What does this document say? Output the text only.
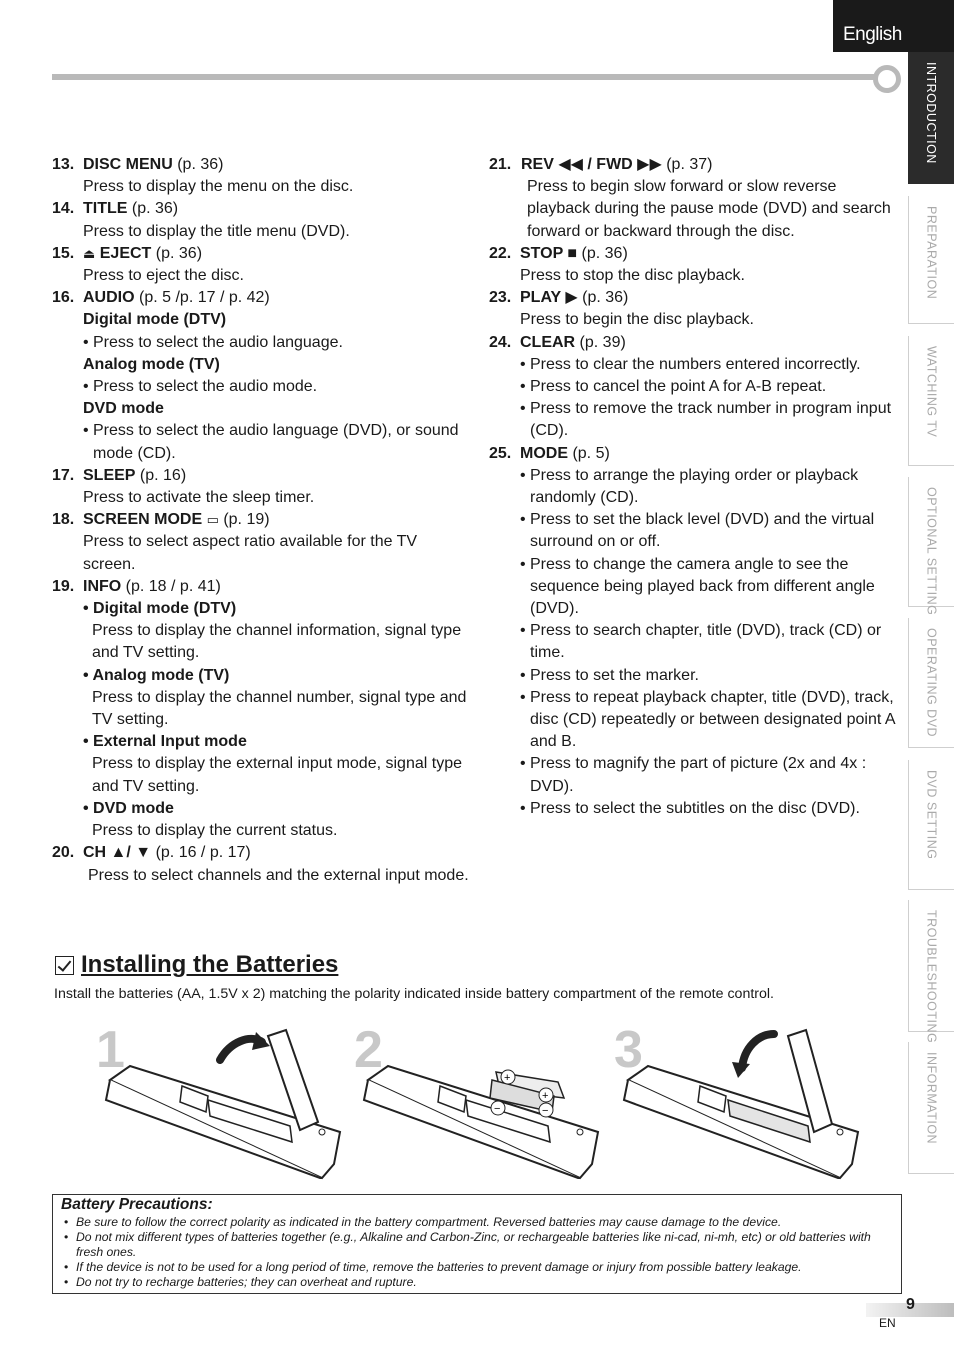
English
INTRODUCTION
PREPARATION
WATCHING TV
OPTIONAL SETTING
OPERATING DVD
DVD SETTING
TROUBLESHOOTING
INFORMATION
13. DISC MENU (p. 36)
Press to display the menu on the disc.
14. TITLE (p. 36)
Press to display the title menu (DVD).
15. ⏏ EJECT (p. 36)
Press to eject the disc.
16. AUDIO (p. 5 /p. 17 / p. 42)
Digital mode (DTV)
• Press to select the audio language.
Analog mode (TV)
• Press to select the audio mode.
DVD mode
• Press to select the audio language (DVD), or sound mode (CD).
17. SLEEP (p. 16)
Press to activate the sleep timer.
18. SCREEN MODE ▭ (p. 19)
Press to select aspect ratio available for the TV screen.
19. INFO (p. 18 / p. 41)
• Digital mode (DTV)
Press to display the channel information, signal type and TV setting.
• Analog mode (TV)
Press to display the channel number, signal type and TV setting.
• External Input mode
Press to display the external input mode, signal type and TV setting.
• DVD mode
Press to display the current status.
20. CH ▲/ ▼ (p. 16 / p. 17)
Press to select channels and the external input mode.
21. REV ◀◀ / FWD ▶▶ (p. 37)
Press to begin slow forward or slow reverse playback during the pause mode (DVD) and search forward or backward through the disc.
22. STOP ■ (p. 36)
Press to stop the disc playback.
23. PLAY ▶ (p. 36)
Press to begin the disc playback.
24. CLEAR (p. 39)
• Press to clear the numbers entered incorrectly.
• Press to cancel the point A for A-B repeat.
• Press to remove the track number in program input (CD).
25. MODE (p. 5)
• Press to arrange the playing order or playback randomly (CD).
• Press to set the black level (DVD) and the virtual surround on or off.
• Press to change the camera angle to see the sequence being played back from different angle (DVD).
• Press to search chapter, title (DVD), track (CD) or time.
• Press to set the marker.
• Press to repeat playback chapter, title (DVD), track, disc (CD) repeatedly or between designated point A and B.
• Press to magnify the part of picture (2x and 4x : DVD).
• Press to select the subtitles on the disc (DVD).
Installing the Batteries
Install the batteries (AA, 1.5V x 2) matching the polarity indicated inside battery compartment of the remote control.
1	2	3
+
+
−	−
Battery Precautions:
• Be sure to follow the correct polarity as indicated in the battery compartment. Reversed batteries may cause damage to the device.
• Do not mix different types of batteries together (e.g., Alkaline and Carbon-Zinc, or rechargeable batteries like ni-cad, ni-mh, etc) or old batteries with fresh ones.
• If the device is not to be used for a long period of time, remove the batteries to prevent damage or injury from possible battery leakage.
• Do not try to recharge batteries; they can overheat and rupture.
9
EN
